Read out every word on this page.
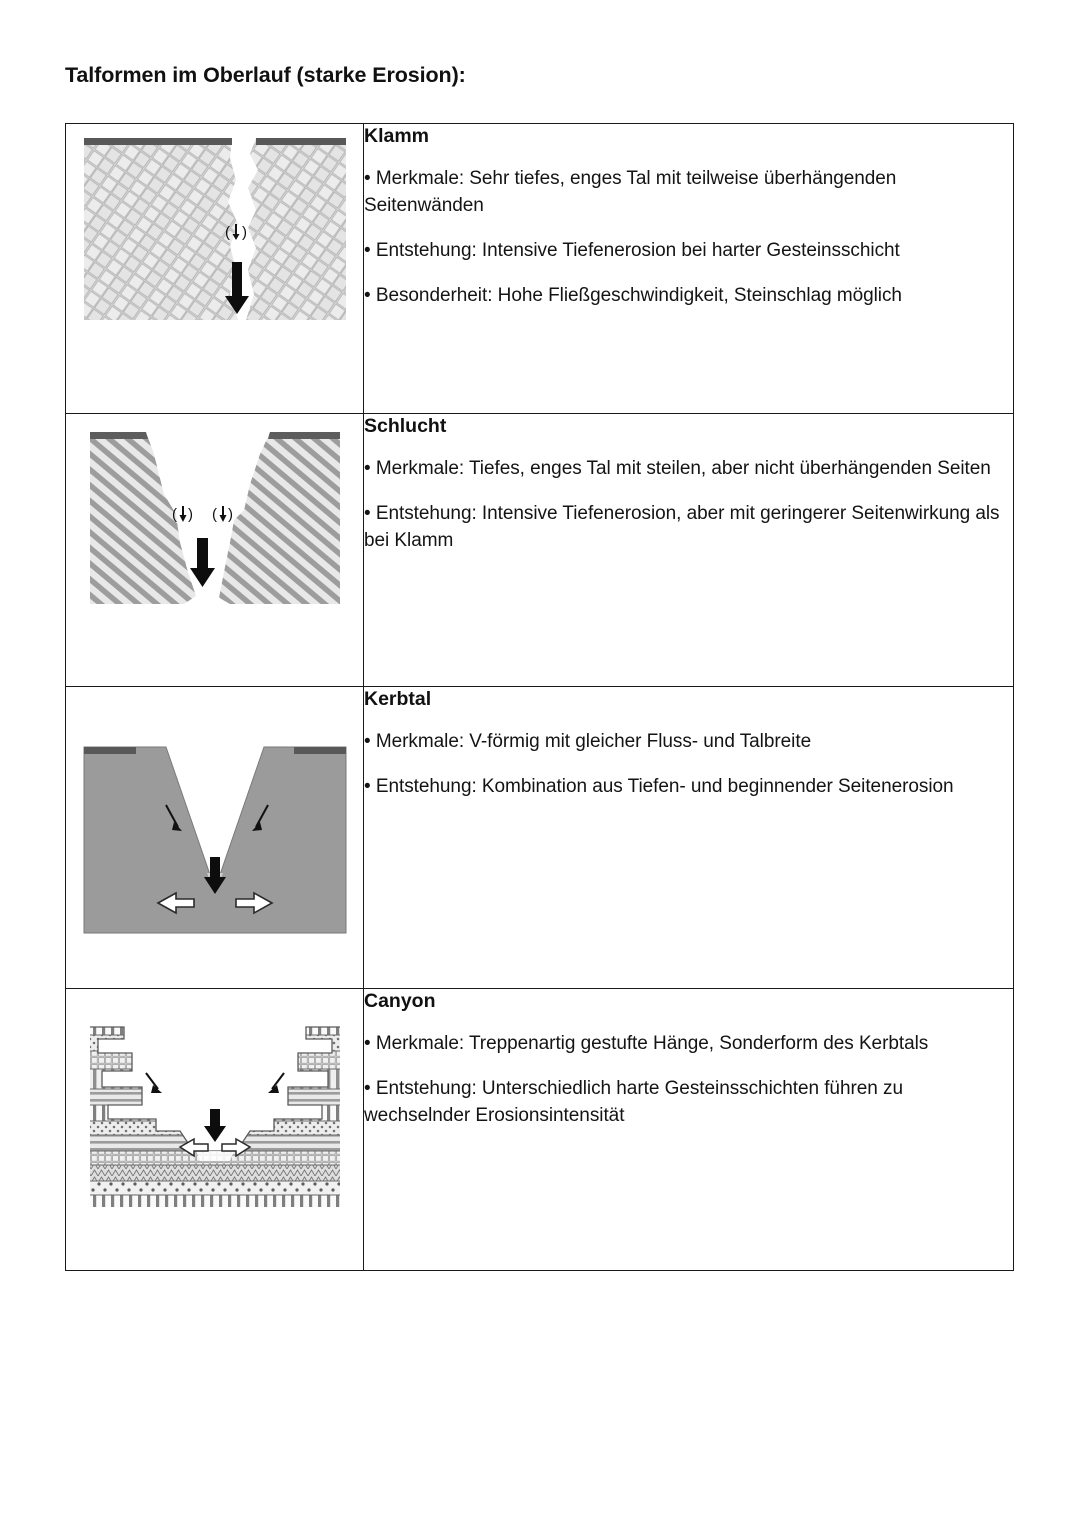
Talformen im Oberlauf (starke Erosion):
( )

Klamm

• Merkmale: Sehr tiefes, enges Tal mit teilweise überhängenden Seitenwänden

• Entstehung: Intensive Tiefenerosion bei harter Gesteinsschicht

• Besonderheit: Hohe Fließgeschwindigkeit, Steinschlag möglich

( ) ( )

Schlucht

• Merkmale: Tiefes, enges Tal mit steilen, aber nicht überhängenden Seiten

• Entstehung: Intensive Tiefenerosion, aber mit geringerer Seitenwirkung als bei Klamm

Kerbtal

• Merkmale: V-förmig mit gleicher Fluss- und Talbreite

• Entstehung: Kombination aus Tiefen- und beginnender Seitenerosion

Canyon

• Merkmale: Treppenartig gestufte Hänge, Sonderform des Kerbtals

• Entstehung: Unterschiedlich harte Gesteinsschichten führen zu wechselnder Erosionsintensität
